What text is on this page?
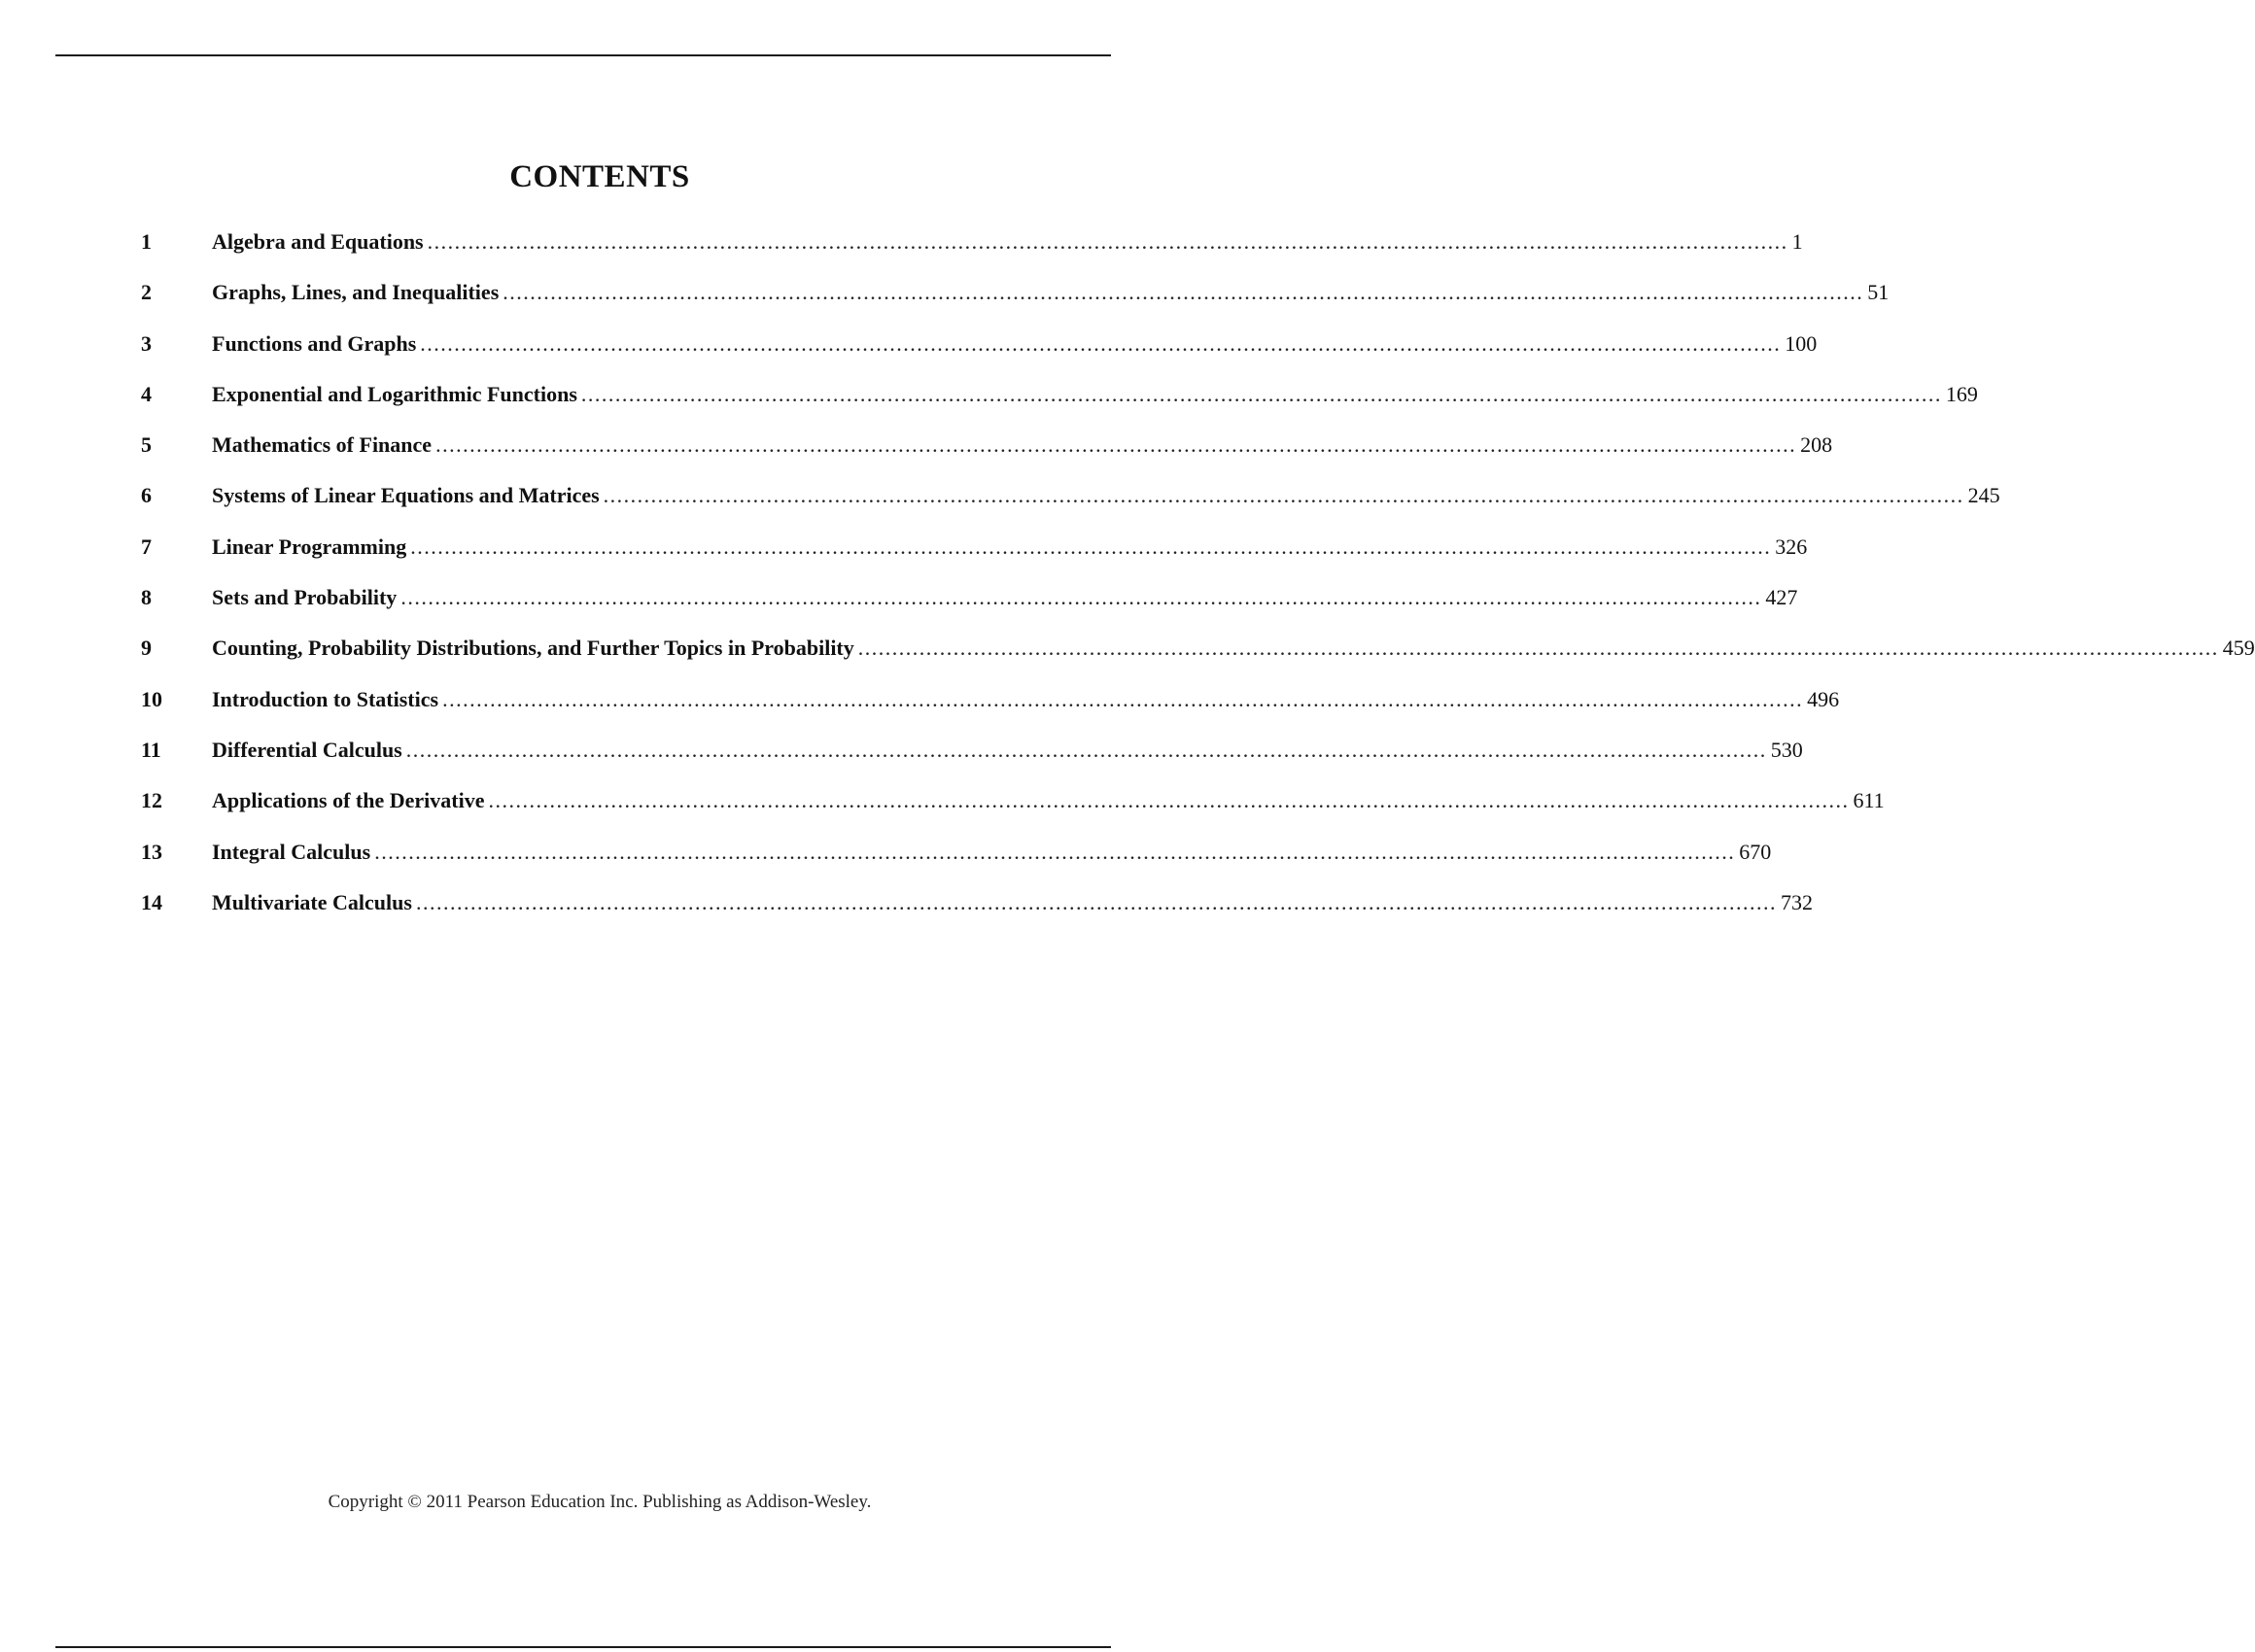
CONTENTS
1	Algebra and Equations ........................................................................................................................................................................................................ 1
2	Graphs, Lines, and Inequalities ........................................................................................................................................................................................................ 51
3	Functions and Graphs ........................................................................................................................................................................................................ 100
4	Exponential and Logarithmic Functions ........................................................................................................................................................................................................ 169
5	Mathematics of Finance ........................................................................................................................................................................................................ 208
6	Systems of Linear Equations and Matrices ........................................................................................................................................................................................................ 245
7	Linear Programming ........................................................................................................................................................................................................ 326
8	Sets and Probability ........................................................................................................................................................................................................ 427
9	Counting, Probability Distributions, and Further Topics in Probability ........................................................................................................................................................................................................ 459
10	Introduction to Statistics ........................................................................................................................................................................................................ 496
11	Differential Calculus ........................................................................................................................................................................................................ 530
12	Applications of the Derivative ........................................................................................................................................................................................................ 611
13	Integral Calculus ........................................................................................................................................................................................................ 670
14	Multivariate Calculus ........................................................................................................................................................................................................ 732
Copyright © 2011 Pearson Education Inc. Publishing as Addison-Wesley.
